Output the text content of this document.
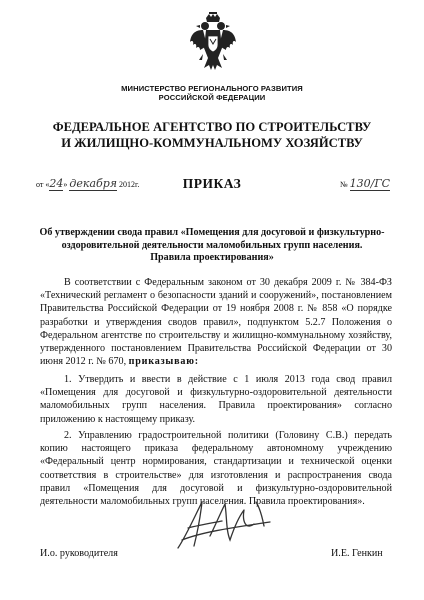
МИНИСТЕРСТВО РЕГИОНАЛЬНОГО РАЗВИТИЯ
РОССИЙСКОЙ ФЕДЕРАЦИИ
ФЕДЕРАЛЬНОЕ АГЕНТСТВО ПО СТРОИТЕЛЬСТВУ
И ЖИЛИЩНО-КОММУНАЛЬНОМУ ХОЗЯЙСТВУ
ПРИКАЗ
от «24» декабря 2012г.	№ 130/ГС
Об утверждении свода правил «Помещения для досуговой и физкультурно-
оздоровительной деятельности маломобильных групп населения.
Правила проектирования»

В соответствии с Федеральным законом от 30 декабря 2009 г. № 384-ФЗ «Технический регламент о безопасности зданий и сооружений», постановлением Правительства Российской Федерации от 19 ноября 2008 г. № 858 «О порядке разработки и утверждения сводов правил», подпунктом 5.2.7 Положения о Федеральном агентстве по строительству и жилищно-коммунальному хозяйству, утвержденного постановлением Правительства Российской Федерации от 30 июня 2012 г. № 670, приказываю:

1. Утвердить и ввести в действие с 1 июля 2013 года свод правил «Помещения для досуговой и физкультурно-оздоровительной деятельности маломобильных групп населения. Правила проектирования» согласно приложению к настоящему приказу.

2. Управлению градостроительной политики (Головину С.В.) передать копию настоящего приказа федеральному автономному учреждению «Федеральный центр нормирования, стандартизации и технической оценки соответствия в строительстве» для изготовления и распространения свода правил «Помещения для досуговой и физкультурно-оздоровительной деятельности маломобильных групп населения. Правила проектирования».

И.о. руководителя	И.Е. Генкин
